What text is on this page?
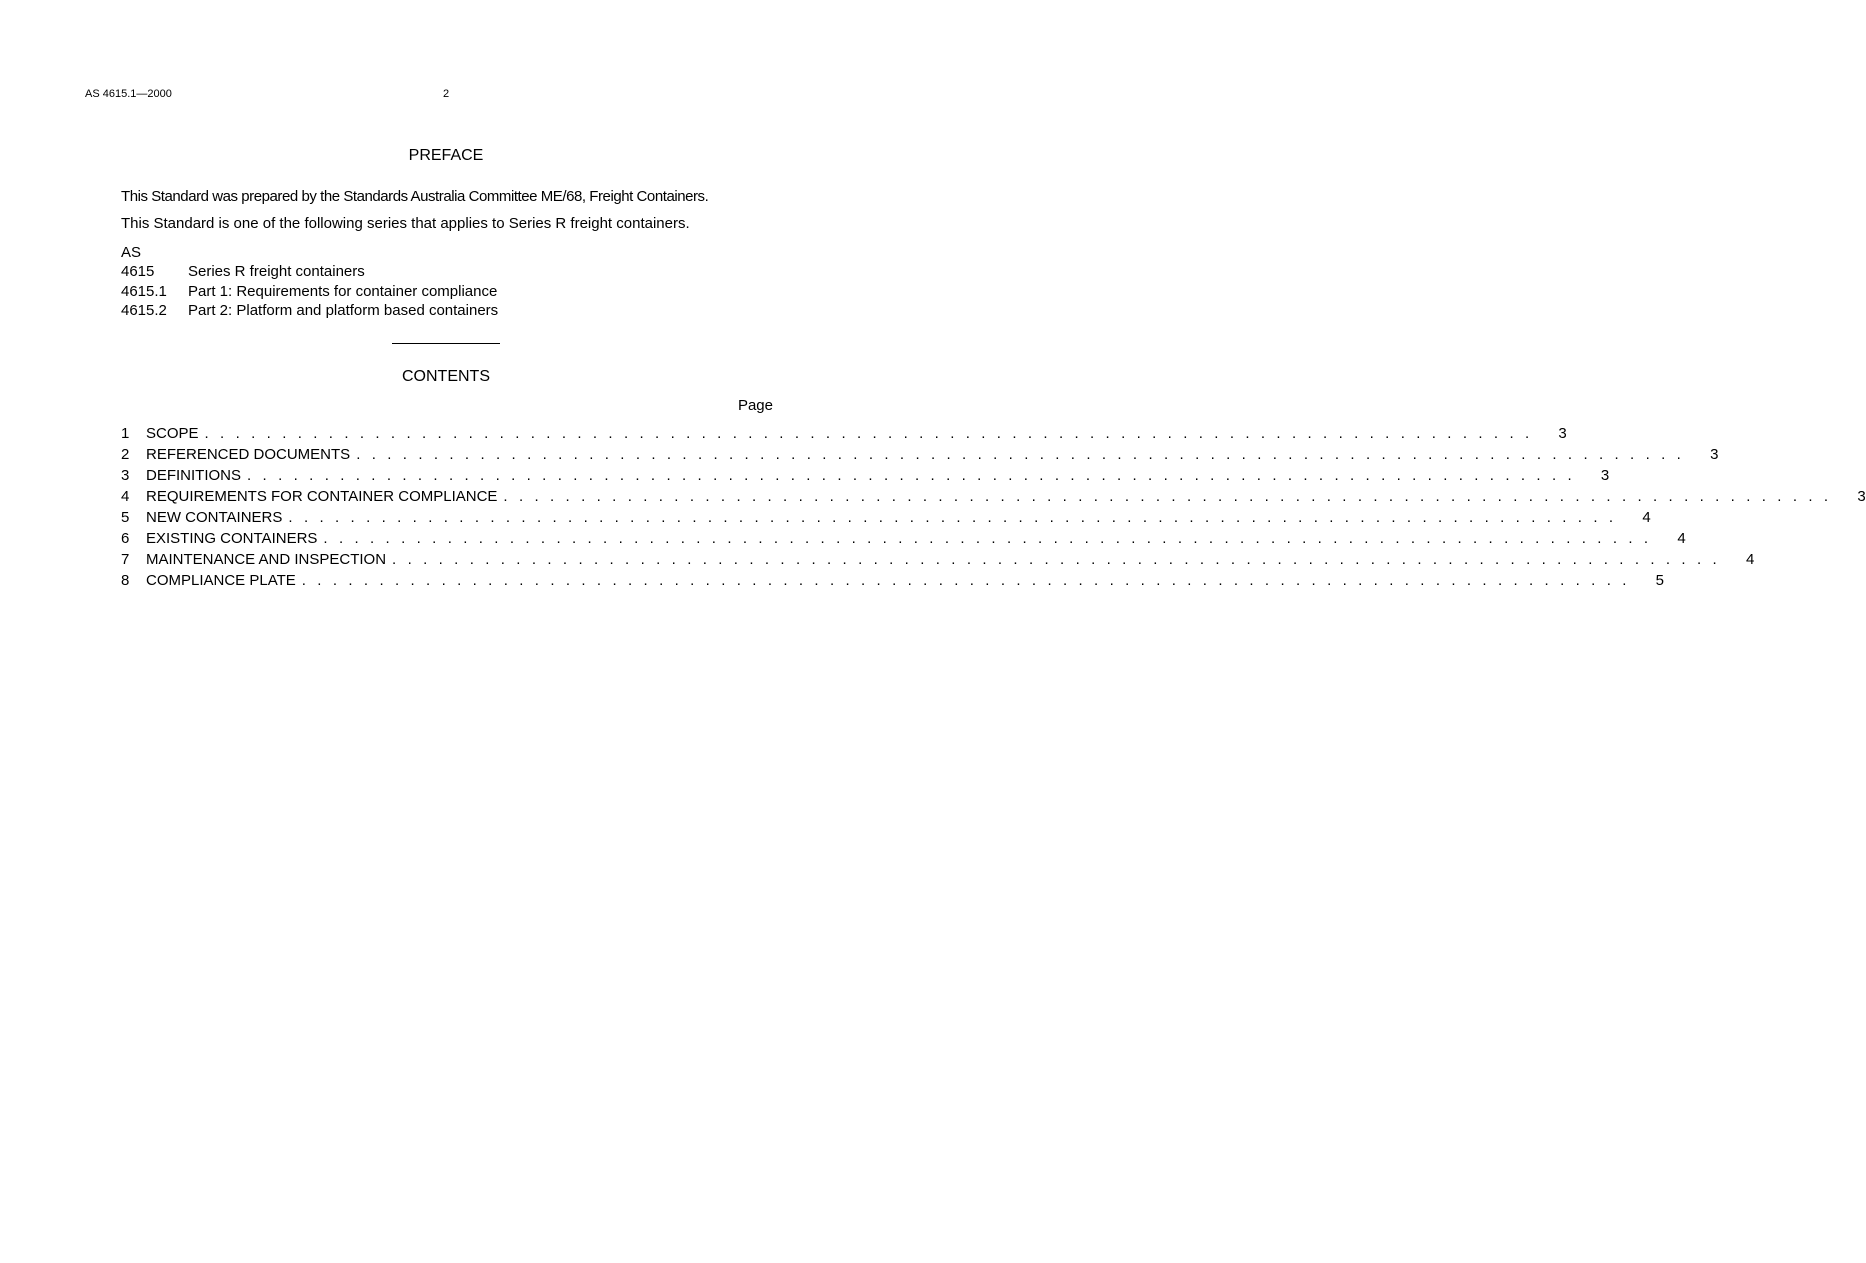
AS 4615.1—2000	2
PREFACE
This Standard was prepared by the Standards Australia Committee ME/68, Freight Containers.
This Standard is one of the following series that applies to Series R freight containers.
AS
4615	Series R freight containers
4615.1	Part 1: Requirements for container compliance
4615.2	Part 2: Platform and platform based containers
CONTENTS
Page
1	SCOPE . . . . . . . . . . . . . . . . . . . . . . . . . . . . . . . . . . . . . . . . . . . . . . . . . . . . . . . . . . . . . . . . . . . . . . . . . . . . . . . . . . . . . .	3
2	REFERENCED DOCUMENTS . . . . . . . . . . . . . . . . . . . . . . . . . . . . . . . . . . . . . . . . . . . . . . . . . . . . . . . . . . . . . . . . . . . . . . . . . . . . . . . . . . . . . .	3
3	DEFINITIONS . . . . . . . . . . . . . . . . . . . . . . . . . . . . . . . . . . . . . . . . . . . . . . . . . . . . . . . . . . . . . . . . . . . . . . . . . . . . . . . . . . . . . .	3
4	REQUIREMENTS FOR CONTAINER COMPLIANCE . . . . . . . . . . . . . . . . . . . . . . . . . . . . . . . . . . . . . . . . . . . . . . . . . . . . . . . . . . . . . . . . . . . . . . . . . . . . . . . . . . . . . .	3
5	NEW CONTAINERS . . . . . . . . . . . . . . . . . . . . . . . . . . . . . . . . . . . . . . . . . . . . . . . . . . . . . . . . . . . . . . . . . . . . . . . . . . . . . . . . . . . . . .	4
6	EXISTING CONTAINERS . . . . . . . . . . . . . . . . . . . . . . . . . . . . . . . . . . . . . . . . . . . . . . . . . . . . . . . . . . . . . . . . . . . . . . . . . . . . . . . . . . . . . .	4
7	MAINTENANCE AND INSPECTION . . . . . . . . . . . . . . . . . . . . . . . . . . . . . . . . . . . . . . . . . . . . . . . . . . . . . . . . . . . . . . . . . . . . . . . . . . . . . . . . . . . . . .	4
8	COMPLIANCE PLATE . . . . . . . . . . . . . . . . . . . . . . . . . . . . . . . . . . . . . . . . . . . . . . . . . . . . . . . . . . . . . . . . . . . . . . . . . . . . . . . . . . . . . .	5
